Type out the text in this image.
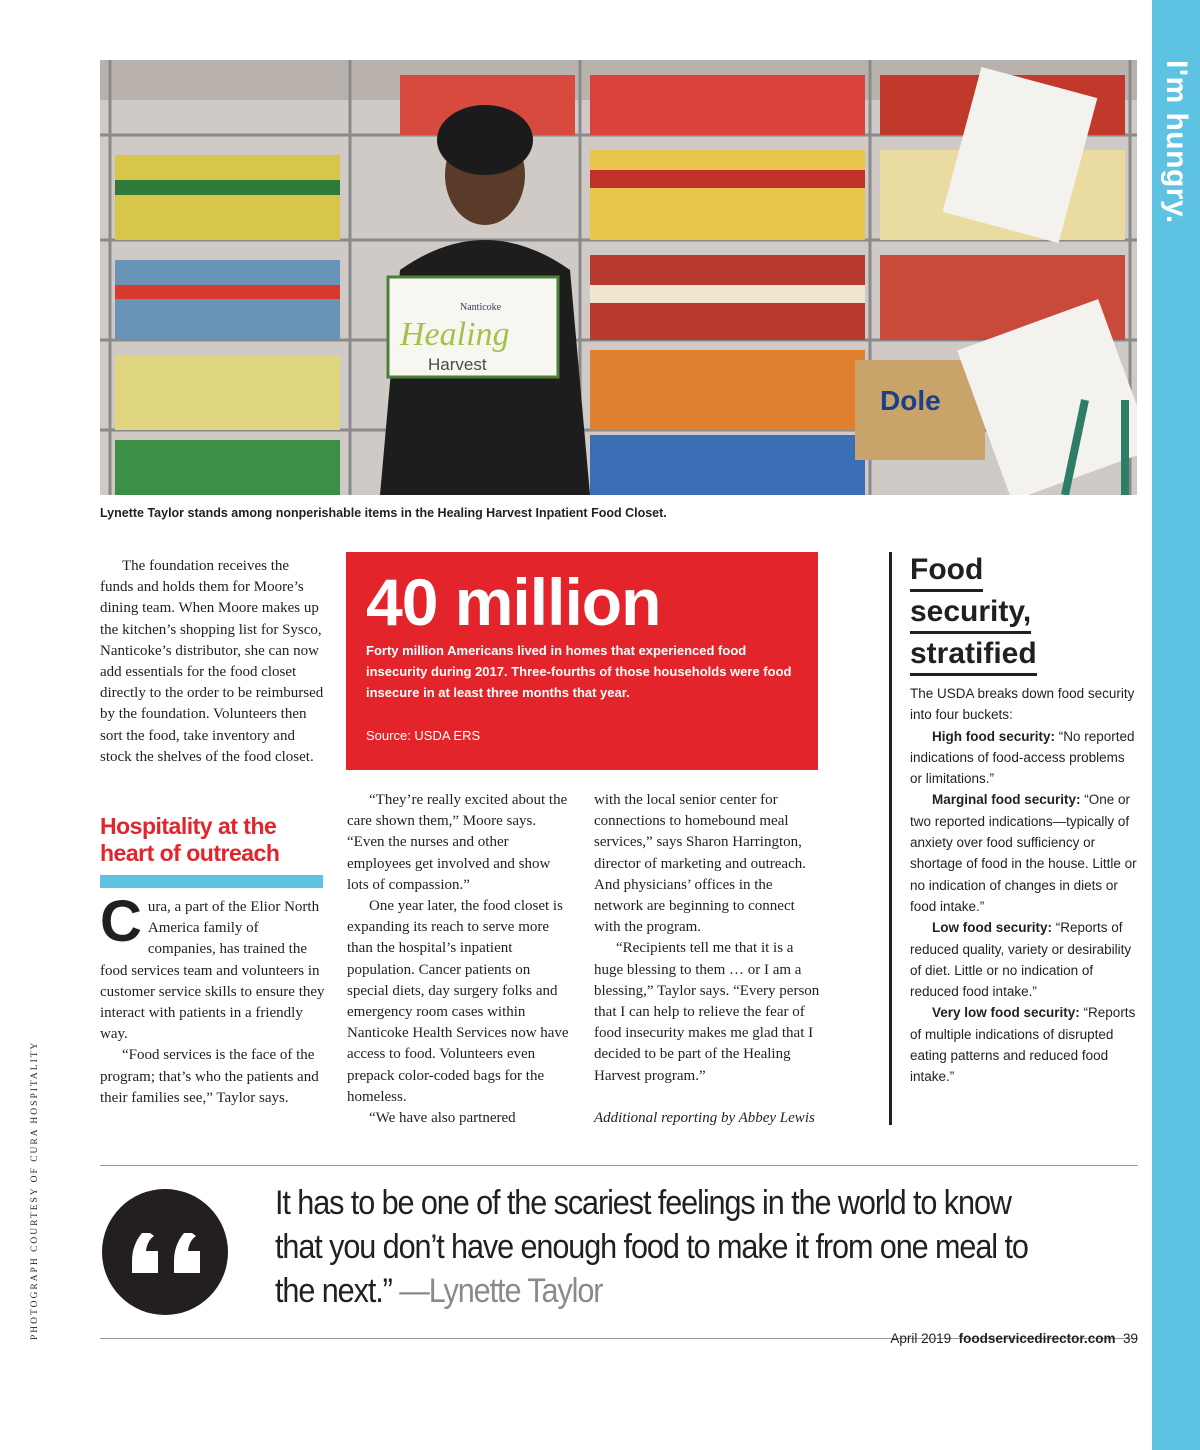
I'm hungry.
Dole
Nanticoke
Healing
Harvest
Lynette Taylor stands among nonperishable items in the Healing Harvest Inpatient Food Closet.

The foundation receives the funds and holds them for Moore’s dining team. When Moore makes up the kitchen’s shopping list for Sysco, Nanticoke’s distributor, she can now add essentials for the food closet directly to the order to be reimbursed by the foundation. Volunteers then sort the food, take inventory and stock the shelves of the food closet.

Hospitality at the heart of outreach

Cura, a part of the Elior North America family of companies, has trained the food services team and volunteers in customer service skills to ensure they interact with patients in a friendly way.

“Food services is the face of the program; that’s who the patients and their families see,” Taylor says.

40 million
Forty million Americans lived in homes that experienced food insecurity during 2017. Three-fourths of those households were food insecure in at least three months that year.
Source: USDA ERS

“They’re really excited about the care shown them,” Moore says. “Even the nurses and other employees get involved and show lots of compassion.”

One year later, the food closet is expanding its reach to serve more than the hospital’s inpatient population. Cancer patients on special diets, day surgery folks and emergency room cases within Nanticoke Health Services now have access to food. Volunteers even prepack color-coded bags for the homeless.

“We have also partnered

with the local senior center for connections to homebound meal services,” says Sharon Harrington, director of marketing and outreach. And physicians’ offices in the network are beginning to connect with the program.

“Recipients tell me that it is a huge blessing to them … or I am a blessing,” Taylor says. “Every person that I can help to relieve the fear of food insecurity makes me glad that I decided to be part of the Healing Harvest program.”

Additional reporting by Abbey Lewis

Food
security,
stratified

The USDA breaks down food security into four buckets:

High food security: “No reported indications of food-access problems or limitations.”

Marginal food security: “One or two reported indications—typically of anxiety over food sufficiency or shortage of food in the house. Little or no indication of changes in diets or food intake.”

Low food security: “Reports of reduced quality, variety or desirability of diet. Little or no indication of reduced food intake.”

Very low food security: “Reports of multiple indications of disrupted eating patterns and reduced food intake.”

It has to be one of the scariest feelings in the world to know that you don’t have enough food to make it from one meal to the next.” —Lynette Taylor
PHOTOGRAPH COURTESY OF CURA HOSPITALITY	April 2019 foodservicedirector.com 39
